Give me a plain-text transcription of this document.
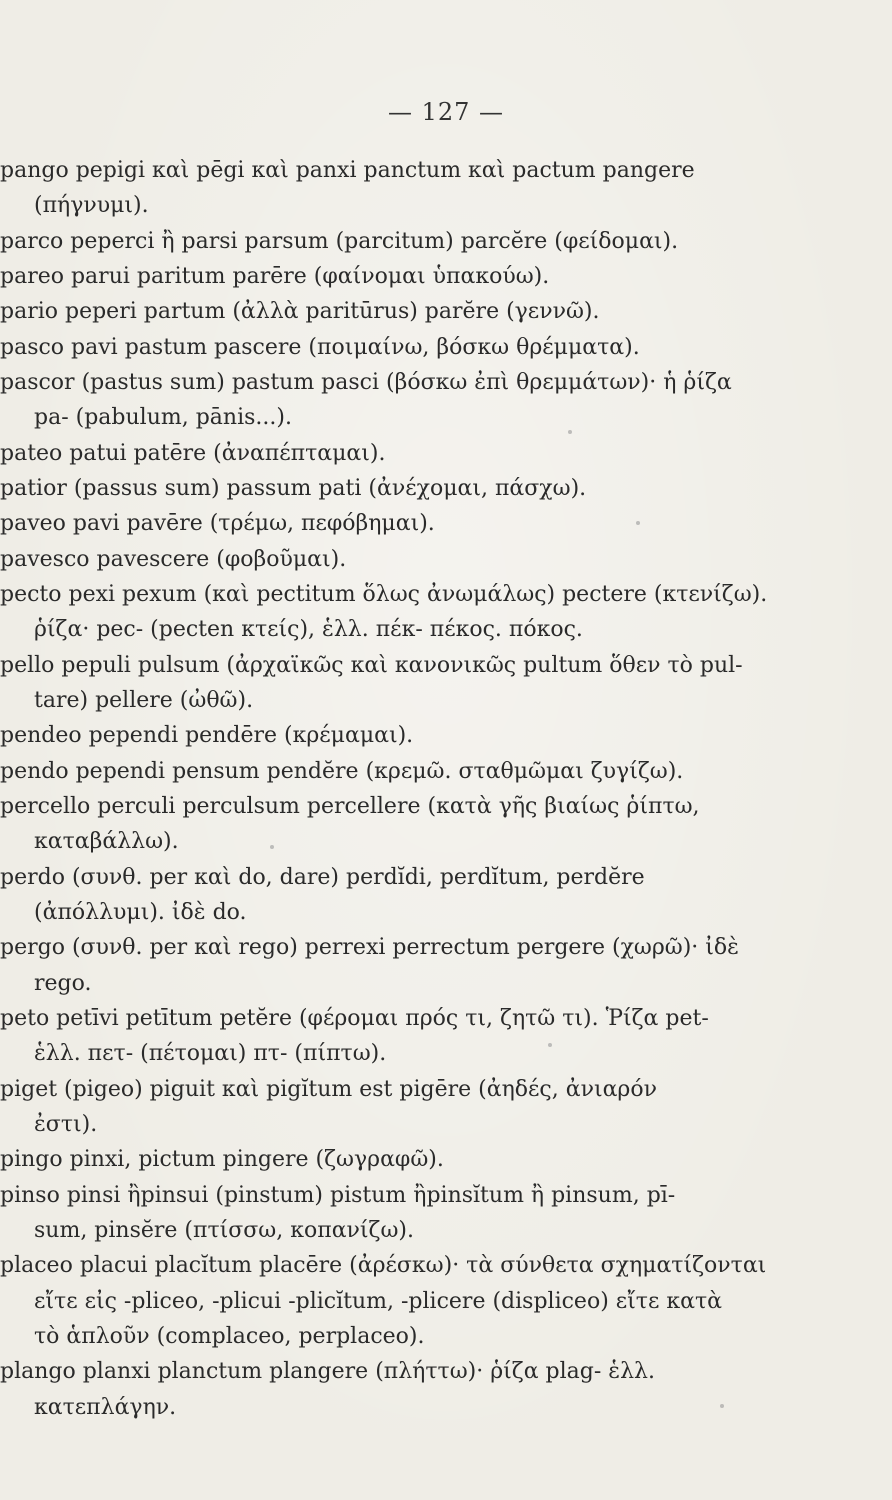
— 127 —
pango pepigi καὶ pēgi καὶ panxi panctum καὶ pactum pangere
(πήγνυμι).
parco peperci ἢ parsi parsum (parcitum) parcĕre (φείδομαι).
pareo parui paritum parēre (φαίνομαι ὑπακούω).
pario peperi partum (ἀλλὰ paritūrus) parĕre (γεννῶ).
pasco pavi pastum pascere (ποιμαίνω, βόσκω θρέμματα).
pascor (pastus sum) pastum pasci (βόσκω ἐπὶ θρεμμάτων)· ἡ ῥίζα
pa- (pabulum, pānis...).
pateo patui patēre (ἀναπέπταμαι).
patior (passus sum) passum pati (ἀνέχομαι, πάσχω).
paveo pavi pavēre (τρέμω, πεφόβημαι).
pavesco pavescere (φοβοῦμαι).
pecto pexi pexum (καὶ pectitum ὅλως ἀνωμάλως) pectere (κτενίζω).
ῥίζα· pec- (pecten κτείς), ἑλλ. πέκ- πέκος. πόκος.
pello pepuli pulsum (ἀρχαϊκῶς καὶ κανονικῶς pultum ὅθεν τὸ pul-
tare) pellere (ὠθῶ).
pendeo pependi pendēre (κρέμαμαι).
pendo pependi pensum pendĕre (κρεμῶ. σταθμῶμαι ζυγίζω).
percello perculi perculsum percellere (κατὰ γῆς βιαίως ῥίπτω,
καταβάλλω).
perdo (συνθ. per καὶ do, dare) perdĭdi, perdĭtum, perdĕre
(ἀπόλλυμι). ἰδὲ do.
pergo (συνθ. per καὶ rego) perrexi perrectum pergere (χωρῶ)· ἰδὲ
rego.
peto petīvi petītum petĕre (φέρομαι πρός τι, ζητῶ τι). Ῥίζα pet-
ἑλλ. πετ- (πέτομαι) πτ- (πίπτω).
piget (pigeo) piguit καὶ pigĭtum est pigēre (ἀηδές, ἀνιαρόν
ἐστι).
pingo pinxi, pictum pingere (ζωγραφῶ).
pinso pinsi ἢpinsui (pinstum) pistum ἢpinsĭtum ἢ pinsum, pī-
sum, pinsĕre (πτίσσω, κοπανίζω).
placeo placui placĭtum placēre (ἀρέσκω)· τὰ σύνθετα σχηματίζονται
εἴτε εἰς -pliceo, -plicui -plicĭtum, -plicere (displiceo) εἴτε κατὰ
τὸ ἁπλοῦν (complaceo, perplaceo).
plango planxi planctum plangere (πλήττω)· ῥίζα plag- ἑλλ.
κατεπλάγην.
